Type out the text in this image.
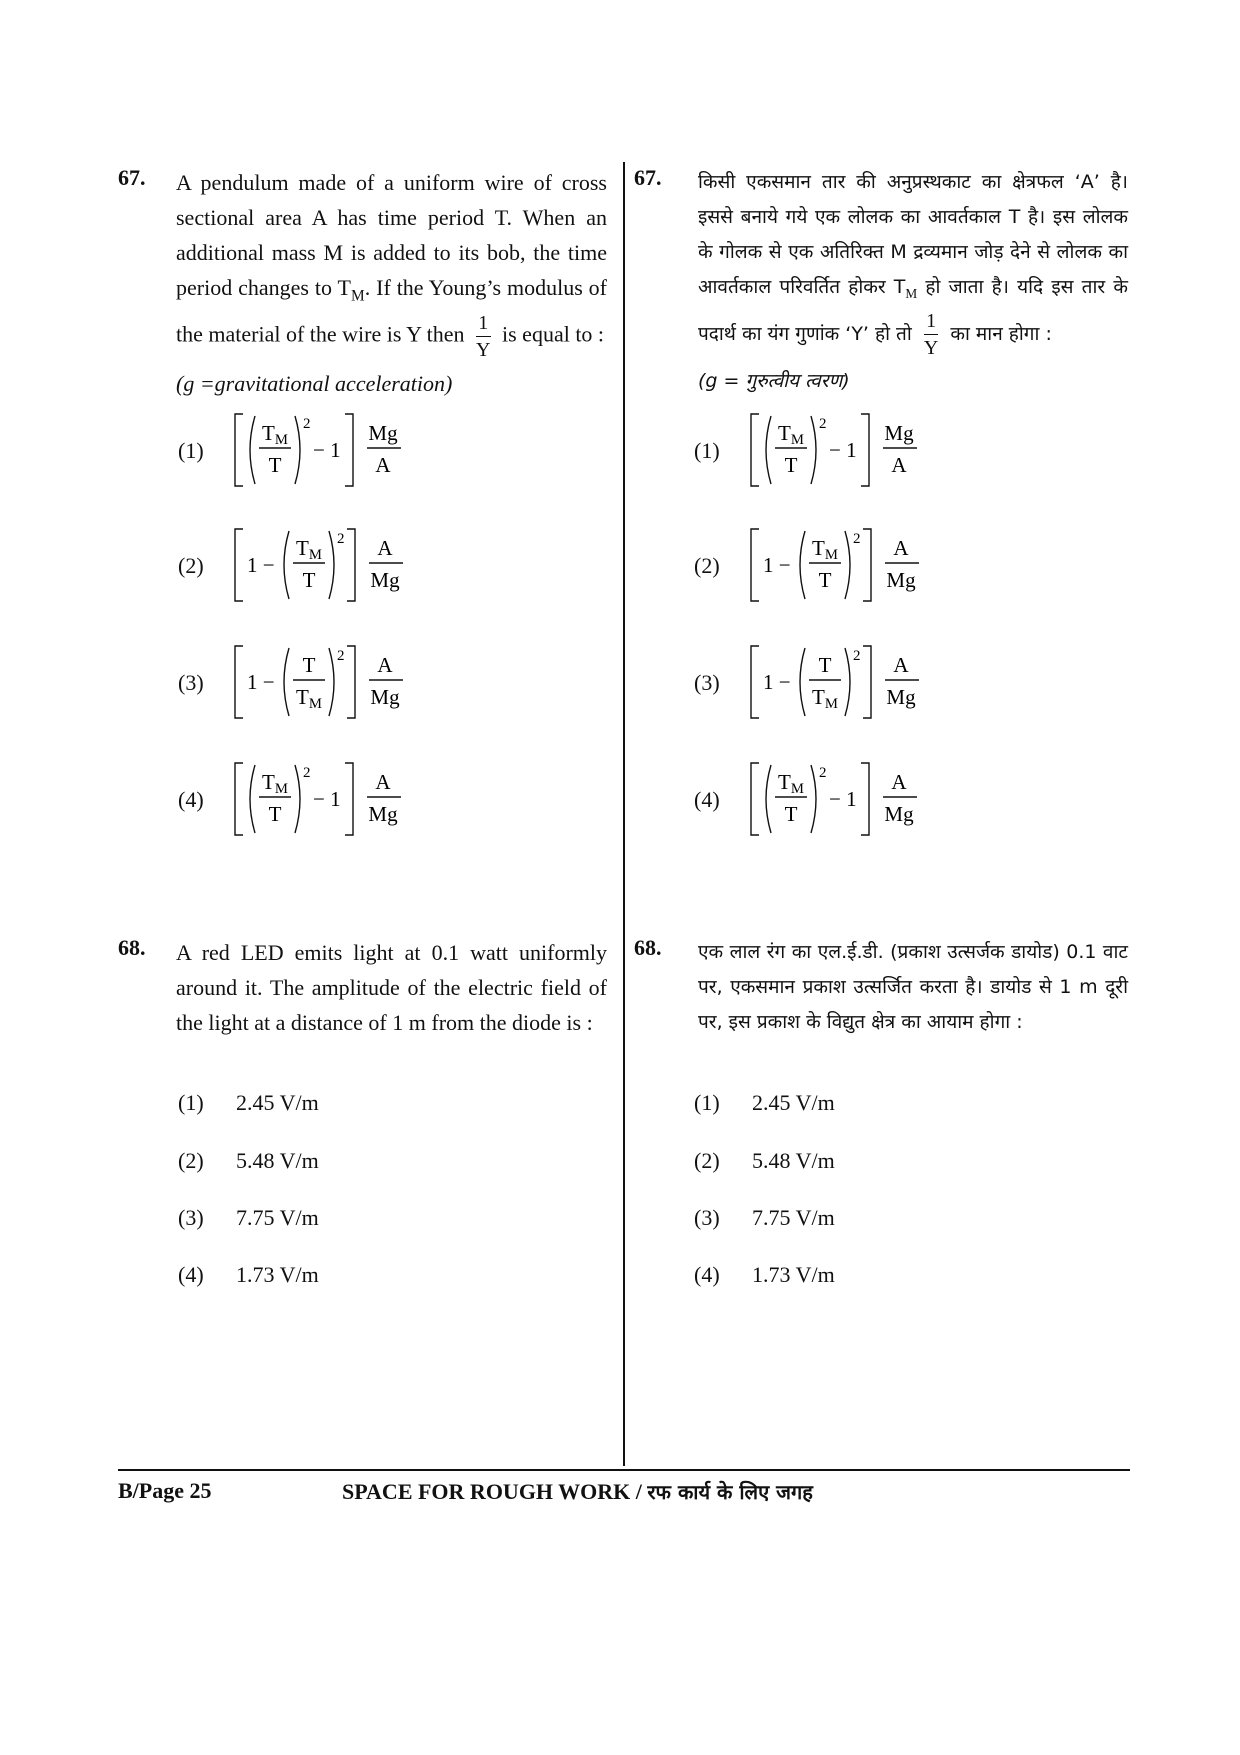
67. A pendulum made of a uniform wire of cross sectional area A has time period T. When an additional mass M is added to its bob, the time period changes to $T_M$. If the Young’s modulus of the material of the wire is Y then $\frac{1}{Y}$ is equal to :
(g =gravitational acceleration)
(1)
TM
T
2
− 1
Mg
A
(2) 1 −
TM
T
2 A
Mg
(3) 1 −
T
TM
2 A
Mg
(4)
TM
T
2
− 1
A
Mg
68. A red LED emits light at 0.1 watt uniformly around it. The amplitude of the electric field of the light at a distance of 1 m from the diode is :
(1) 2.45 V/m
(2) 5.48 V/m
(3) 7.75 V/m
(4) 1.73 V/m
67. किसी एकसमान तार की अनुप्रस्थकाट का क्षेत्रफल ‘A’ है। इससे बनाये गये एक लोलक का आवर्तकाल T है। इस लोलक के गोलक से एक अतिरिक्त M द्रव्यमान जोड़ देने से लोलक का आवर्तकाल परिवर्तित होकर $T_M$ हो जाता है। यदि इस तार के पदार्थ का यंग गुणांक ‘Y’ हो तो $\frac{1}{Y}$ का मान होगा :
(g = गुरुत्वीय त्वरण)
(1)
TM
T
2
− 1
Mg
A
(2) 1 −
TM
T
2 A
Mg
(3) 1 −
T
TM
2 A
Mg
(4)
TM
T
2
− 1
A
Mg
68. एक लाल रंग का एल.ई.डी. (प्रकाश उत्सर्जक डायोड) 0.1 वाट पर, एकसमान प्रकाश उत्सर्जित करता है। डायोड से 1 m दूरी पर, इस प्रकाश के विद्युत क्षेत्र का आयाम होगा :
(1) 2.45 V/m
(2) 5.48 V/m
(3) 7.75 V/m
(4) 1.73 V/m
B/Page 25	SPACE FOR ROUGH WORK / रफ कार्य के लिए जगह
